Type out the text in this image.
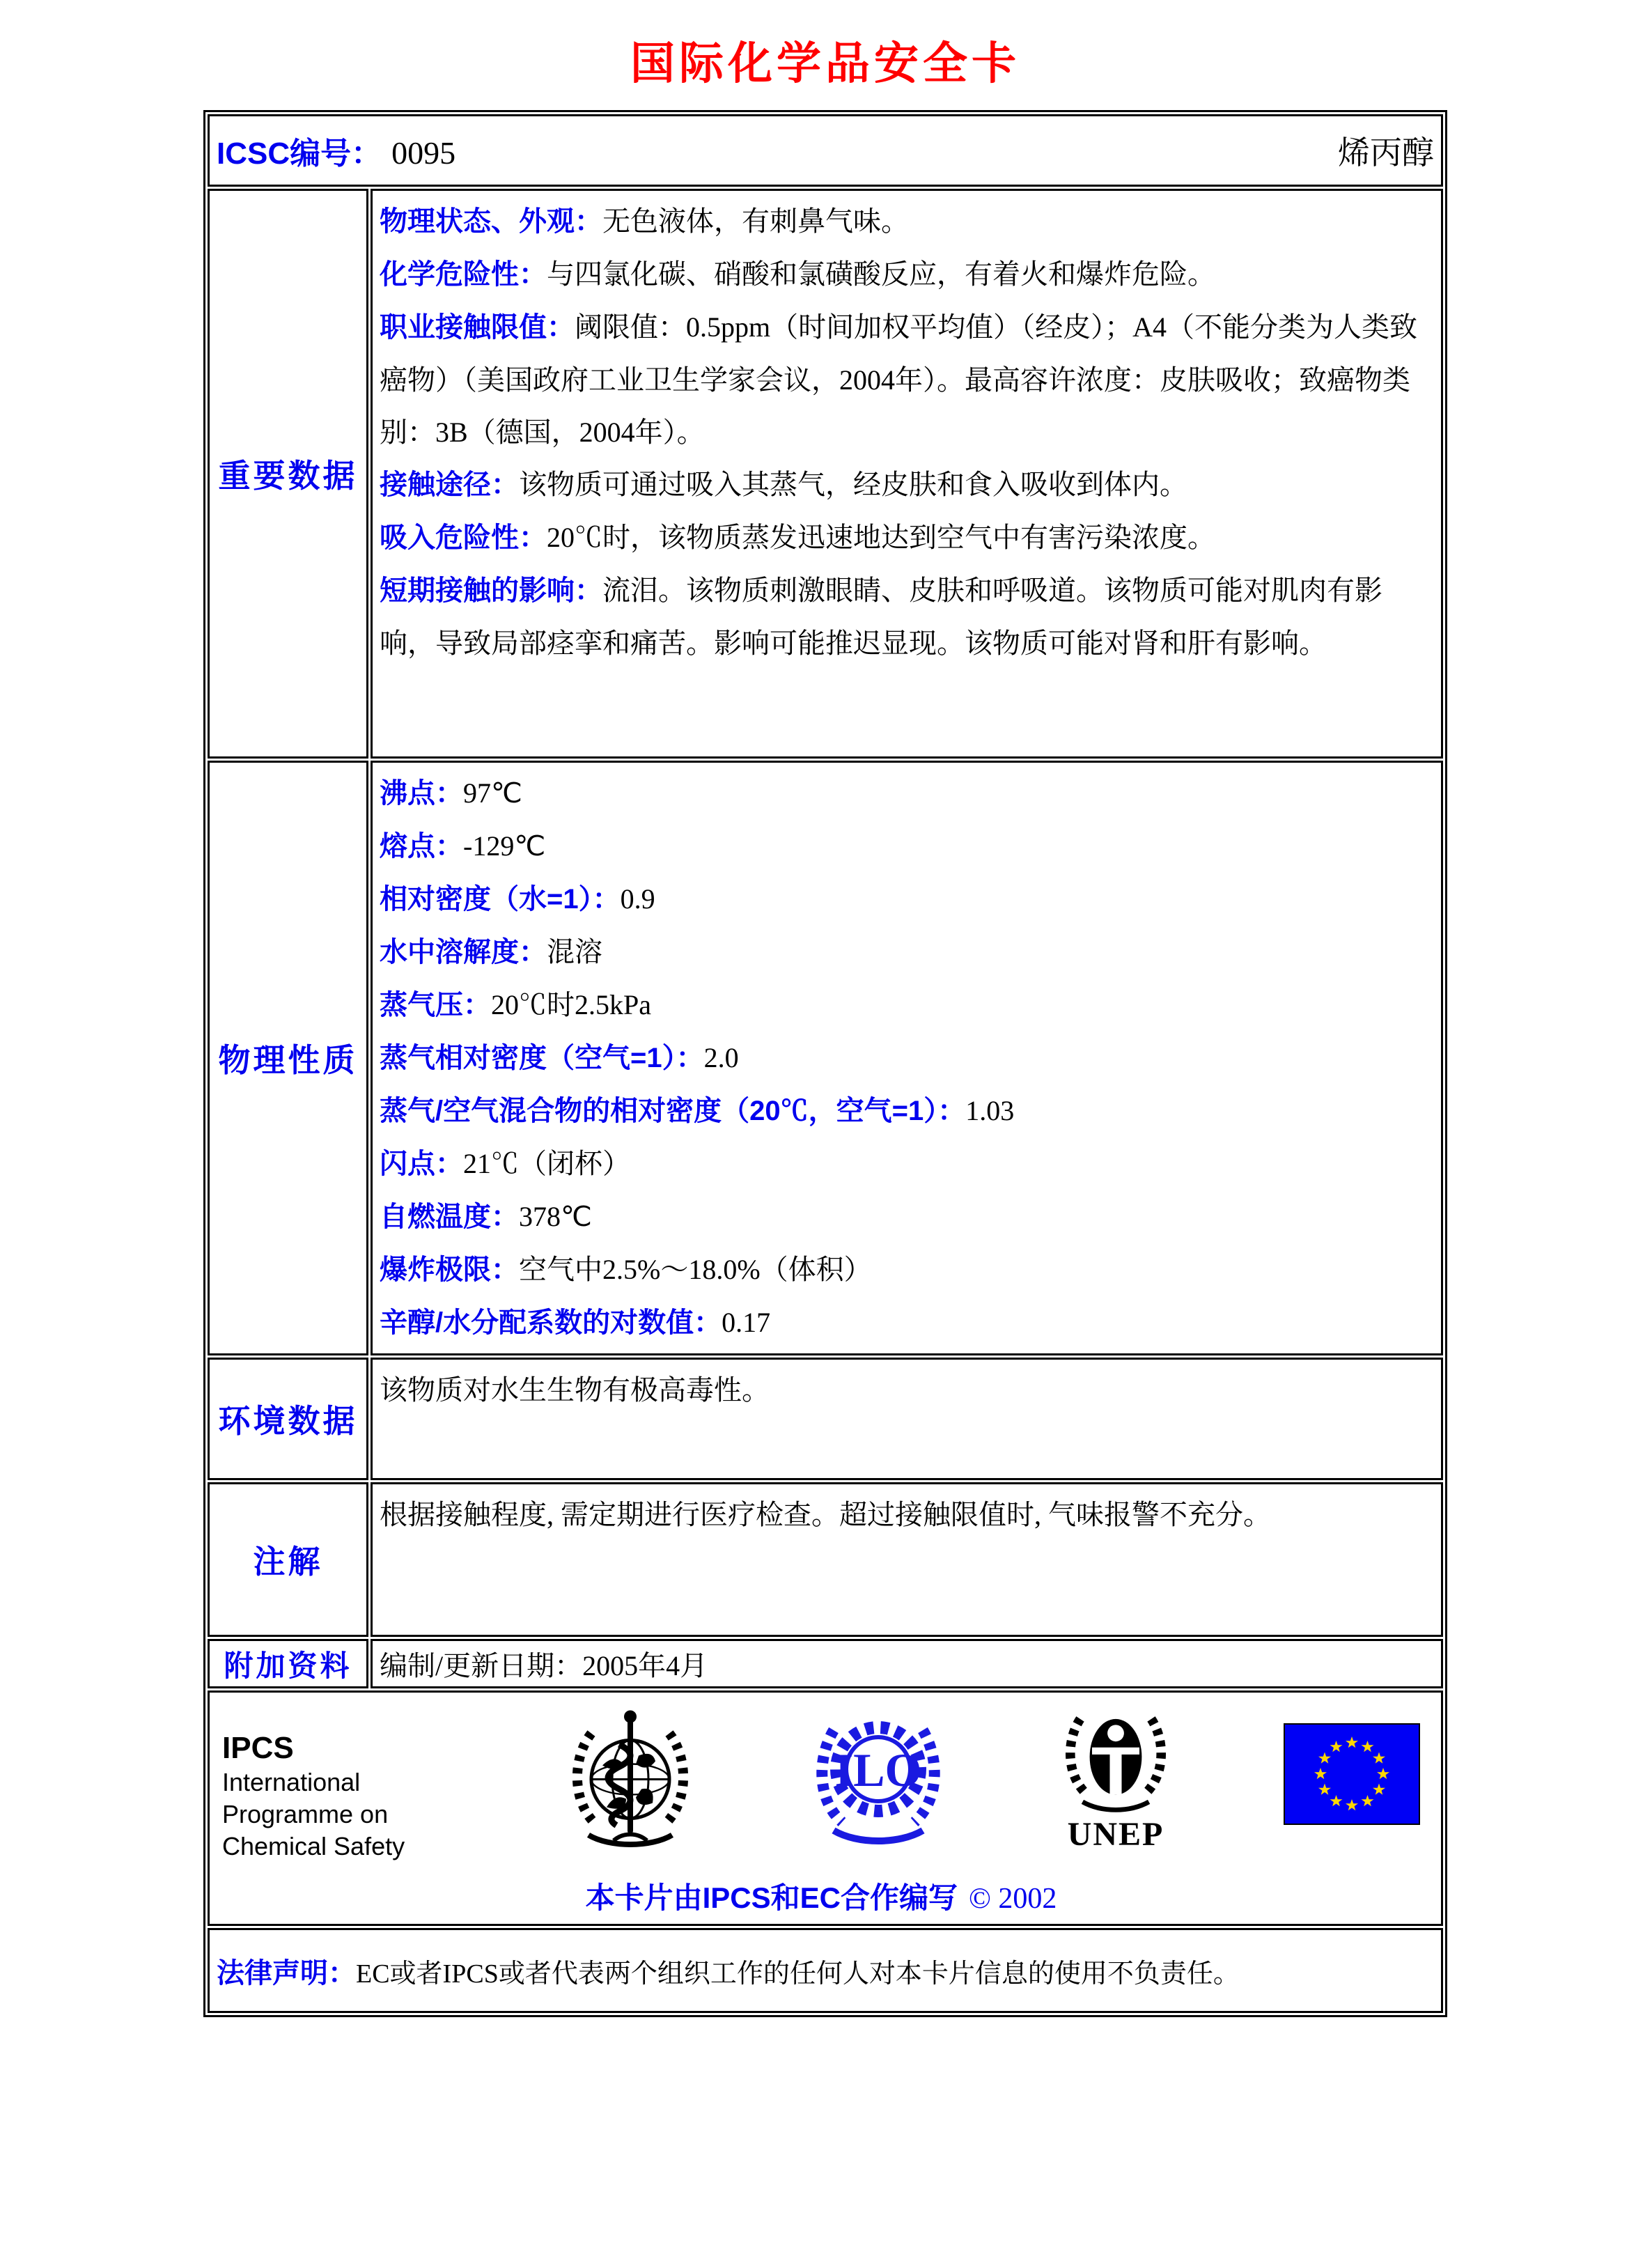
国际化学品安全卡
ICSC编号： 0095 烯丙醇	

重要数据	
物理状态、外观：无色液体，有刺鼻气味。
化学危险性：与四氯化碳、硝酸和氯磺酸反应，有着火和爆炸危险。
职业接触限值：阈限值：0.5ppm（时间加权平均值）（经皮）；A4（不能分类为人类致癌物）（美国政府工业卫生学家会议，2004年）。最高容许浓度：皮肤吸收；致癌物类别：3B（德国，2004年）。
接触途径：该物质可通过吸入其蒸气，经皮肤和食入吸收到体内。
吸入危险性：20℃时，该物质蒸发迅速地达到空气中有害污染浓度。
短期接触的影响：流泪。该物质刺激眼睛、皮肤和呼吸道。该物质可能对肌肉有影响，导致局部痉挛和痛苦。影响可能推迟显现。该物质可能对肾和肝有影响。

物理性质	
沸点：97℃
熔点：-129℃
相对密度（水=1）：0.9
水中溶解度：混溶
蒸气压：20℃时2.5kPa
蒸气相对密度（空气=1）：2.0
蒸气/空气混合物的相对密度（20℃，空气=1）：1.03
闪点：21℃（闭杯）
自燃温度：378℃
爆炸极限：空气中2.5%～18.0%（体积）
辛醇/水分配系数的对数值：0.17

环境数据	该物质对水生生物有极高毒性。

注解	根据接触程度, 需定期进行医疗检查。超过接触限值时, 气味报警不充分。

附加资料	编制/更新日期：2005年4月

IPCS
International
Programme on
Chemical Safety
ILO
UNEP
本卡片由IPCS和EC合作编写 © 2002

法律声明：EC或者IPCS或者代表两个组织工作的任何人对本卡片信息的使用不负责任。	
